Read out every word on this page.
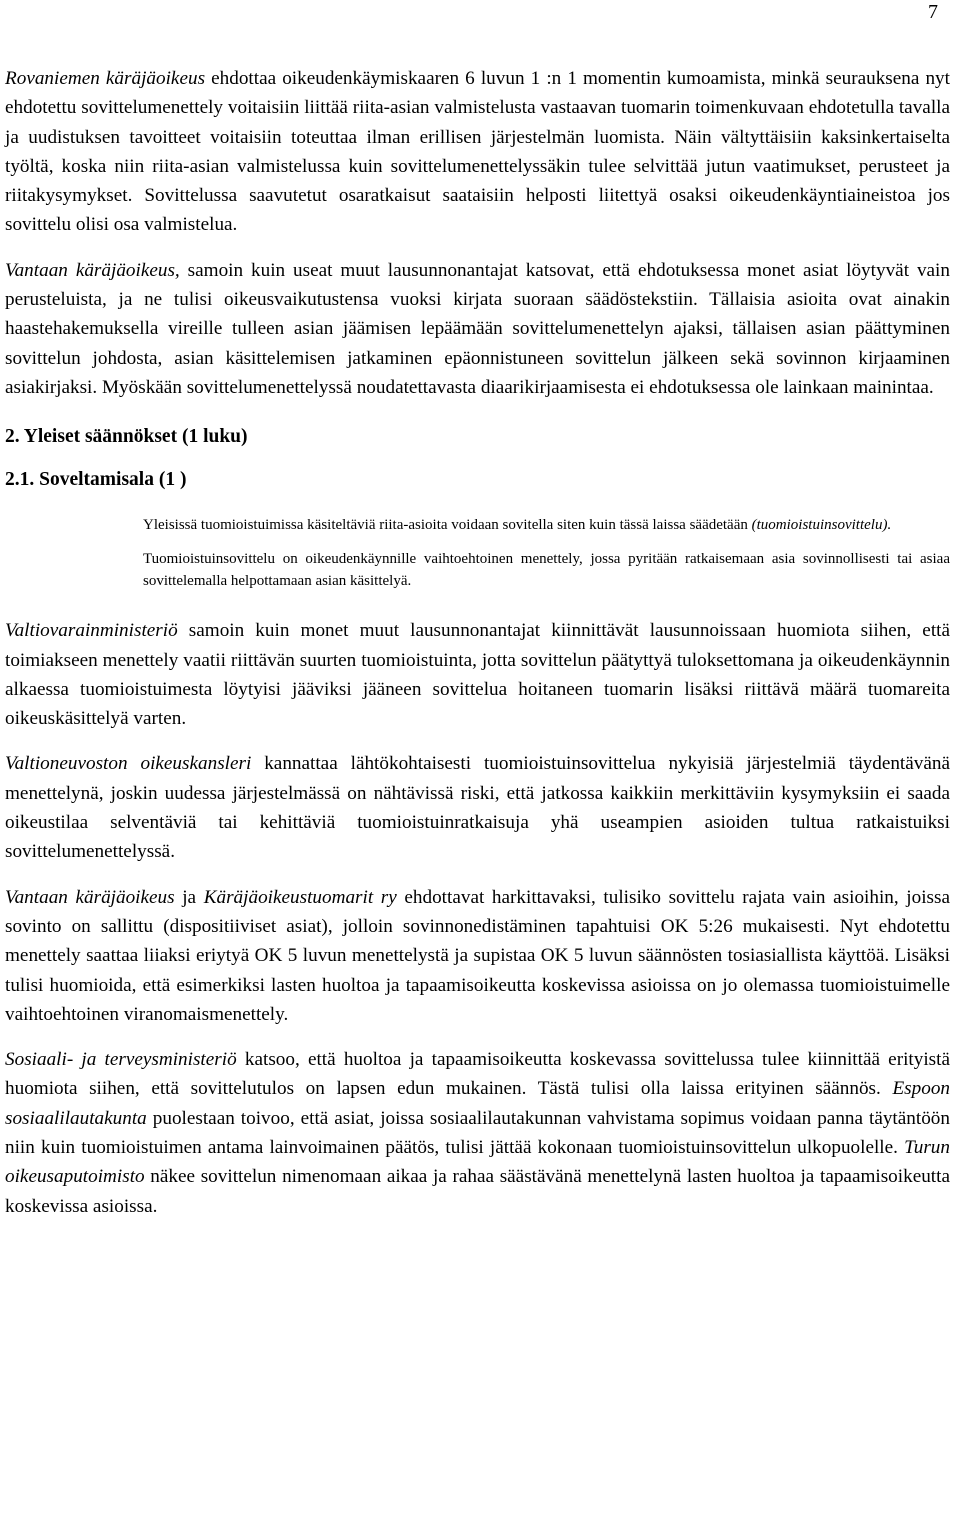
7

Rovaniemen käräjäoikeus ehdottaa oikeudenkäymiskaaren 6 luvun 1 :n 1 momentin kumoamista, minkä seurauksena nyt ehdotettu sovittelumenettely voitaisiin liittää riita-asian valmistelusta vastaavan tuomarin toimenkuvaan ehdotetulla tavalla ja uudistuksen tavoitteet voitaisiin toteuttaa ilman erillisen järjestelmän luomista. Näin vältyttäisiin kaksinkertaiselta työltä, koska niin riita-asian valmistelussa kuin sovittelumenettelyssäkin tulee selvittää jutun vaatimukset, perusteet ja riitakysymykset. Sovittelussa saavutetut osaratkaisut saataisiin helposti liitettyä osaksi oikeudenkäyntiaineistoa jos sovittelu olisi osa valmistelua.

Vantaan käräjäoikeus, samoin kuin useat muut lausunnonantajat katsovat, että ehdotuksessa monet asiat löytyvät vain perusteluista, ja ne tulisi oikeusvaikutustensa vuoksi kirjata suoraan säädöstekstiin. Tällaisia asioita ovat ainakin haastehakemuksella vireille tulleen asian jäämisen lepäämään sovittelumenettelyn ajaksi, tällaisen asian päättyminen sovittelun johdosta, asian käsittelemisen jatkaminen epäonnistuneen sovittelun jälkeen sekä sovinnon kirjaaminen asiakirjaksi. Myöskään sovittelumenettelyssä noudatettavasta diaarikirjaamisesta ei ehdotuksessa ole lainkaan mainintaa.

2. Yleiset säännökset (1 luku)
2.1. Soveltamisala (1 )

Yleisissä tuomioistuimissa käsiteltäviä riita-asioita voidaan sovitella siten kuin tässä laissa säädetään (tuomioistuinsovittelu).

Tuomioistuinsovittelu on oikeudenkäynnille vaihtoehtoinen menettely, jossa pyritään ratkaisemaan asia sovinnollisesti tai asiaa sovittelemalla helpottamaan asian käsittelyä.

Valtiovarainministeriö samoin kuin monet muut lausunnonantajat kiinnittävät lausunnoissaan huomiota siihen, että toimiakseen menettely vaatii riittävän suurten tuomioistuinta, jotta sovittelun päätyttyä tuloksettomana ja oikeudenkäynnin alkaessa tuomioistuimesta löytyisi jääviksi jääneen sovittelua hoitaneen tuomarin lisäksi riittävä määrä tuomareita oikeuskäsittelyä varten.

Valtioneuvoston oikeuskansleri kannattaa lähtökohtaisesti tuomioistuinsovittelua nykyisiä järjestelmiä täydentävänä menettelynä, joskin uudessa järjestelmässä on nähtävissä riski, että jatkossa kaikkiin merkittäviin kysymyksiin ei saada oikeustilaa selventäviä tai kehittäviä tuomioistuinratkaisuja yhä useampien asioiden tultua ratkaistuiksi sovittelumenettelyssä.

Vantaan käräjäoikeus ja Käräjäoikeustuomarit ry ehdottavat harkittavaksi, tulisiko sovittelu rajata vain asioihin, joissa sovinto on sallittu (dispositiiviset asiat), jolloin sovinnonedistäminen tapahtuisi OK 5:26 mukaisesti. Nyt ehdotettu menettely saattaa liiaksi eriytyä OK 5 luvun menettelystä ja supistaa OK 5 luvun säännösten tosiasiallista käyttöä. Lisäksi tulisi huomioida, että esimerkiksi lasten huoltoa ja tapaamisoikeutta koskevissa asioissa on jo olemassa tuomioistuimelle vaihtoehtoinen viranomaismenettely.

Sosiaali- ja terveysministeriö katsoo, että huoltoa ja tapaamisoikeutta koskevassa sovittelussa tulee kiinnittää erityistä huomiota siihen, että sovittelutulos on lapsen edun mukainen. Tästä tulisi olla laissa erityinen säännös. Espoon sosiaalilautakunta puolestaan toivoo, että asiat, joissa sosiaalilautakunnan vahvistama sopimus voidaan panna täytäntöön niin kuin tuomioistuimen antama lainvoimainen päätös, tulisi jättää kokonaan tuomioistuinsovittelun ulkopuolelle. Turun oikeusaputoimisto näkee sovittelun nimenomaan aikaa ja rahaa säästävänä menettelynä lasten huoltoa ja tapaamisoikeutta koskevissa asioissa.
